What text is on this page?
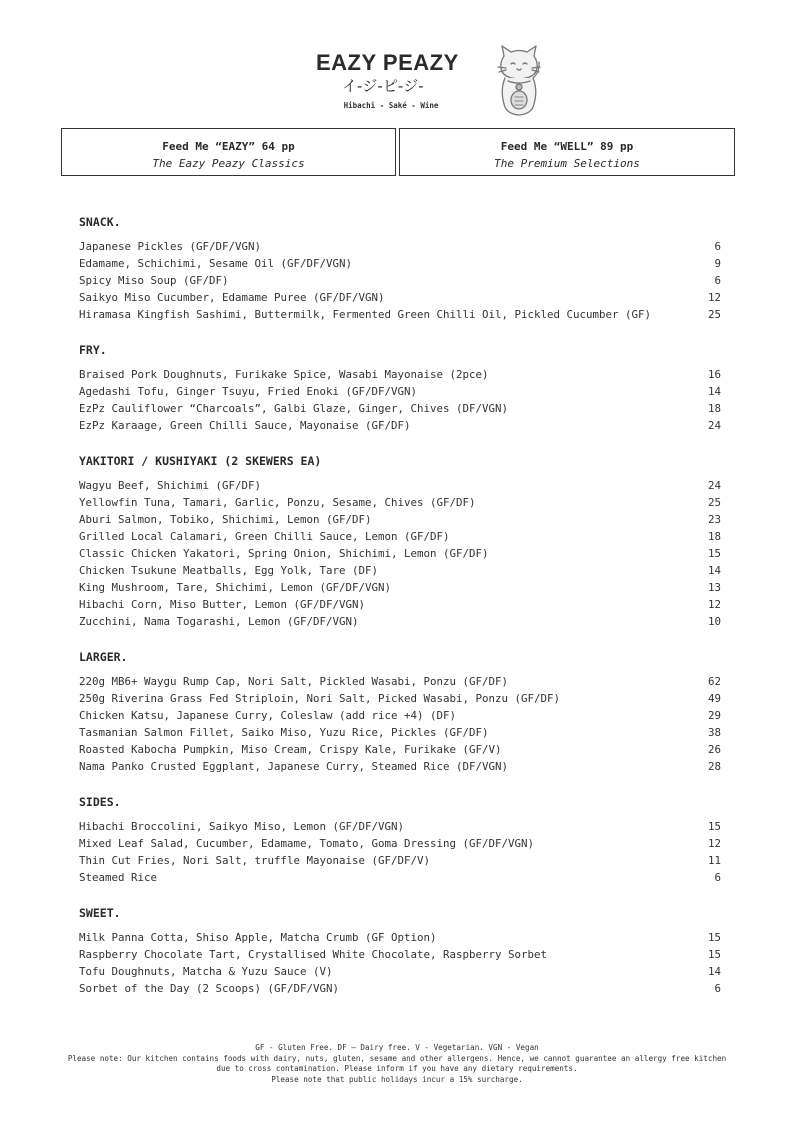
EAZY PEAZY
イ-ジ-ピ-ジ-
Hibachi - Saké - Wine
Feed Me “EAZY” 64 pp
The Eazy Peazy Classics
Feed Me “WELL” 89 pp
The Premium Selections
SNACK.
Japanese Pickles (GF/DF/VGN)	6
Edamame, Schichimi, Sesame Oil (GF/DF/VGN)	9
Spicy Miso Soup (GF/DF)	6
Saikyo Miso Cucumber, Edamame Puree (GF/DF/VGN)	12
Hiramasa Kingfish Sashimi, Buttermilk, Fermented Green Chilli Oil, Pickled Cucumber (GF)	25
FRY.
Braised Pork Doughnuts, Furikake Spice, Wasabi Mayonaise (2pce)	16
Agedashi Tofu, Ginger Tsuyu, Fried Enoki (GF/DF/VGN)	14
EzPz Cauliflower “Charcoals”, Galbi Glaze, Ginger, Chives (DF/VGN)	18
EzPz Karaage, Green Chilli Sauce, Mayonaise (GF/DF)	24
YAKITORI / KUSHIYAKI (2 SKEWERS EA)
Wagyu Beef, Shichimi (GF/DF)	24
Yellowfin Tuna, Tamari, Garlic, Ponzu, Sesame, Chives (GF/DF)	25
Aburi Salmon, Tobiko, Shichimi, Lemon (GF/DF)	23
Grilled Local Calamari, Green Chilli Sauce, Lemon (GF/DF)	18
Classic Chicken Yakatori, Spring Onion, Shichimi, Lemon (GF/DF)	15
Chicken Tsukune Meatballs, Egg Yolk, Tare (DF)	14
King Mushroom, Tare, Shichimi, Lemon (GF/DF/VGN)	13
Hibachi Corn, Miso Butter, Lemon (GF/DF/VGN)	12
Zucchini, Nama Togarashi, Lemon (GF/DF/VGN)	10
LARGER.
220g MB6+ Waygu Rump Cap, Nori Salt, Pickled Wasabi, Ponzu (GF/DF)	62
250g Riverina Grass Fed Striploin, Nori Salt, Picked Wasabi, Ponzu (GF/DF)	49
Chicken Katsu, Japanese Curry, Coleslaw (add rice +4) (DF)	29
Tasmanian Salmon Fillet, Saiko Miso, Yuzu Rice, Pickles (GF/DF)	38
Roasted Kabocha Pumpkin, Miso Cream, Crispy Kale, Furikake (GF/V)	26
Nama Panko Crusted Eggplant, Japanese Curry, Steamed Rice (DF/VGN)	28
SIDES.
Hibachi Broccolini, Saikyo Miso, Lemon (GF/DF/VGN)	15
Mixed Leaf Salad, Cucumber, Edamame, Tomato, Goma Dressing (GF/DF/VGN)	12
Thin Cut Fries, Nori Salt, truffle Mayonaise (GF/DF/V)	11
Steamed Rice	6
SWEET.
Milk Panna Cotta, Shiso Apple, Matcha Crumb (GF Option)	15
Raspberry Chocolate Tart, Crystallised White Chocolate, Raspberry Sorbet	15
Tofu Doughnuts, Matcha & Yuzu Sauce (V)	14
Sorbet of the Day (2 Scoops) (GF/DF/VGN)	6
GF - Gluten Free. DF – Dairy free. V - Vegetarian. VGN - Vegan
Please note: Our kitchen contains foods with dairy, nuts, gluten, sesame and other allergens. Hence, we cannot guarantee an allergy free kitchen
due to cross contamination. Please inform if you have any dietary requirements.
Please note that public holidays incur a 15% surcharge.
